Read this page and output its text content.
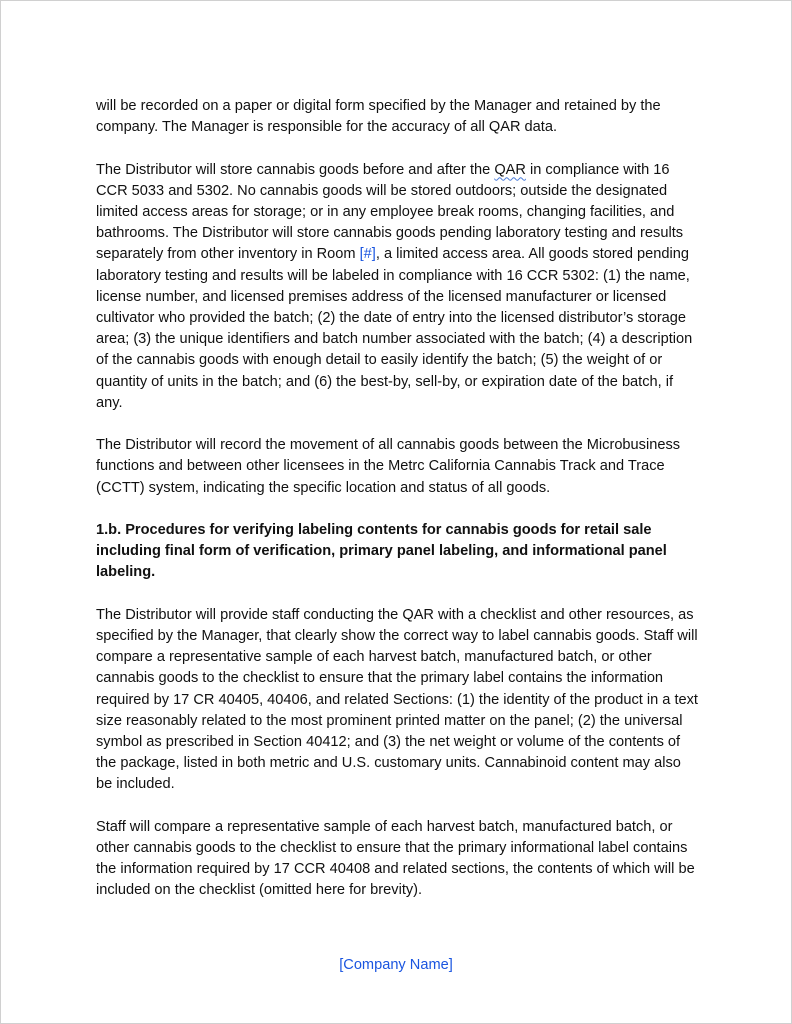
will be recorded on a paper or digital form specified by the Manager and retained by the company. The Manager is responsible for the accuracy of all QAR data.

The Distributor will store cannabis goods before and after the QAR in compliance with 16 CCR 5033 and 5302. No cannabis goods will be stored outdoors; outside the designated limited access areas for storage; or in any employee break rooms, changing facilities, and bathrooms. The Distributor will store cannabis goods pending laboratory testing and results separately from other inventory in Room [#], a limited access area. All goods stored pending laboratory testing and results will be labeled in compliance with 16 CCR 5302: (1) the name, license number, and licensed premises address of the licensed manufacturer or licensed cultivator who provided the batch; (2) the date of entry into the licensed distributor’s storage area; (3) the unique identifiers and batch number associated with the batch; (4) a description of the cannabis goods with enough detail to easily identify the batch; (5) the weight of or quantity of units in the batch; and (6) the best-by, sell-by, or expiration date of the batch, if any.

The Distributor will record the movement of all cannabis goods between the Microbusiness functions and between other licensees in the Metrc California Cannabis Track and Trace (CCTT) system, indicating the specific location and status of all goods.

1.b. Procedures for verifying labeling contents for cannabis goods for retail sale including final form of verification, primary panel labeling, and informational panel labeling.

The Distributor will provide staff conducting the QAR with a checklist and other resources, as specified by the Manager, that clearly show the correct way to label cannabis goods. Staff will compare a representative sample of each harvest batch, manufactured batch, or other cannabis goods to the checklist to ensure that the primary label contains the information required by 17 CR 40405, 40406, and related Sections: (1) the identity of the product in a text size reasonably related to the most prominent printed matter on the panel; (2) the universal symbol as prescribed in Section 40412; and (3) the net weight or volume of the contents of the package, listed in both metric and U.S. customary units. Cannabinoid content may also be included.

Staff will compare a representative sample of each harvest batch, manufactured batch, or other cannabis goods to the checklist to ensure that the primary informational label contains the information required by 17 CCR 40408 and related sections, the contents of which will be included on the checklist (omitted here for brevity).

[Company Name]
